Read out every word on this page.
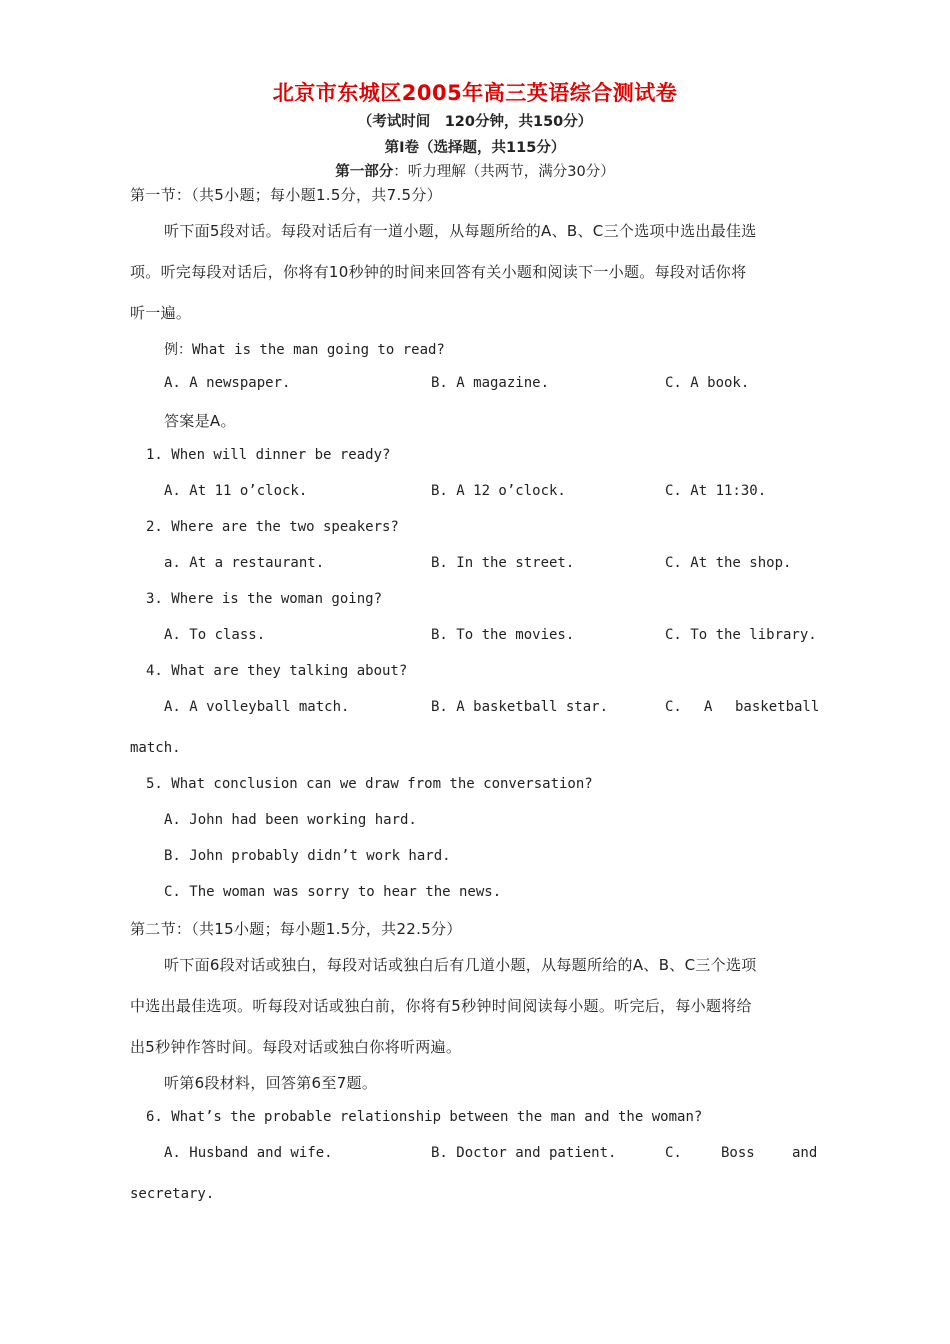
北京市东城区2005年高三英语综合测试卷
（考试时间　120分钟，共150分）
第Ⅰ卷（选择题，共115分）
第一部分：听力理解（共两节，满分30分）
第一节：（共5小题；每小题1.5分，共7.5分）
听下面5段对话。每段对话后有一道小题，从每题所给的A、B、C三个选项中选出最佳选
项。听完每段对话后，你将有10秒钟的时间来回答有关小题和阅读下一小题。每段对话你将
听一遍。
例：What is the man going to read?
A. A newspaper.	B. A magazine.	C. A book.
答案是A。
1. When will dinner be ready?
A. At 11 o’clock.	B. A 12 o’clock.	C. At 11:30.
2. Where are the two speakers?
a. At a restaurant.	B. In the street.	C. At the shop.
3. Where is the woman going?
A. To class.	B. To the movies.	C. To the library.
4. What are they talking about?
A. A volleyball match.	B. A basketball star.	C. A basketball
match.
5. What conclusion can we draw from the conversation?
A. John had been working hard.
B. John probably didn’t work hard.
C. The woman was sorry to hear the news.
第二节：（共15小题；每小题1.5分，共22.5分）
听下面6段对话或独白，每段对话或独白后有几道小题，从每题所给的A、B、C三个选项
中选出最佳选项。听每段对话或独白前，你将有5秒钟时间阅读每小题。听完后，每小题将给
出5秒钟作答时间。每段对话或独白你将听两遍。
听第6段材料，回答第6至7题。
6. What’s the probable relationship between the man and the woman?
A. Husband and wife.	B. Doctor and patient.	C.	Boss	and
secretary.
